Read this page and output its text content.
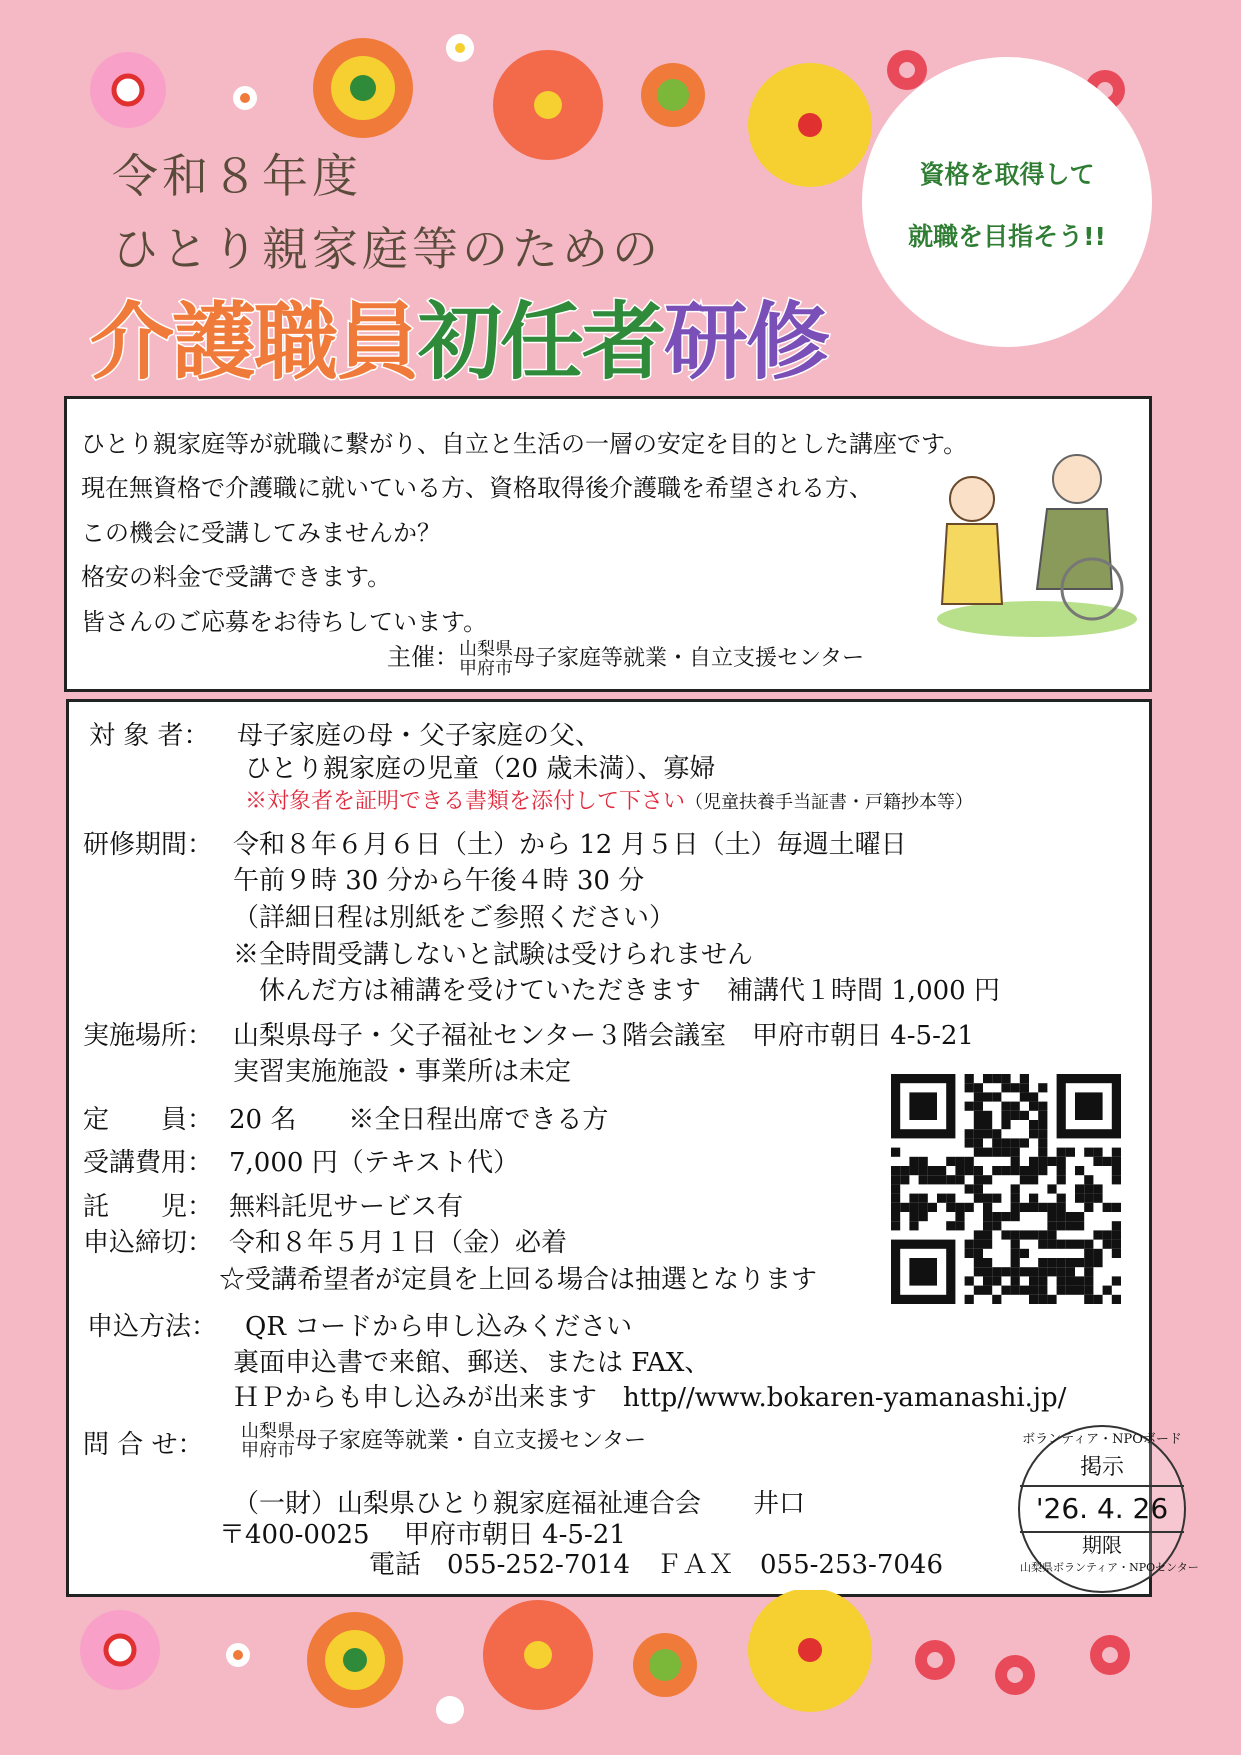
令和８年度
ひとり親家庭等のための
介護職員初任者研修
資格を取得して
就職を目指そう!!
ひとり親家庭等が就職に繋がり、自立と生活の一層の安定を目的とした講座です。
現在無資格で介護職に就いている方、資格取得後介護職を希望される方、
この機会に受講してみませんか？
格安の料金で受講できます。
皆さんのご応募をお待ちしています。
主催：山梨県
甲府市母子家庭等就業・自立支援センター
対 象 者： 母子家庭の母・父子家庭の父、
ひとり親家庭の児童（20 歳未満）、寡婦
※対象者を証明できる書類を添付して下さい（児童扶養手当証書・戸籍抄本等）
研修期間： 令和８年６月６日（土）から 12 月５日（土）毎週土曜日
午前９時 30 分から午後４時 30 分
（詳細日程は別紙をご参照ください）
※全時間受講しないと試験は受けられません
休んだ方は補講を受けていただきます　補講代１時間 1,000 円
実施場所： 山梨県母子・父子福祉センター３階会議室　甲府市朝日 4-5-21
実習実施施設・事業所は未定
定　　員： 20 名　　※全日程出席できる方
受講費用： 7,000 円（テキスト代）
託　　児： 無料託児サービス有
申込締切： 令和８年５月１日（金）必着
☆受講希望者が定員を上回る場合は抽選となります
申込方法： QR コードから申し込みください
裏面申込書で来館、郵送、または FAX、
ＨＰからも申し込みが出来ます　http//www.bokaren-yamanashi.jp/
問 合 せ： 山梨県
甲府市母子家庭等就業・自立支援センター
（一財）山梨県ひとり親家庭福祉連合会　　井口
〒400-0025　 甲府市朝日 4-5-21
電話　055-252-7014　ＦＡＸ　055-253-7046
ボランティア・NPOボード
掲示
'26. 4. 26
期限
山梨県ボランティア・NPOセンター
